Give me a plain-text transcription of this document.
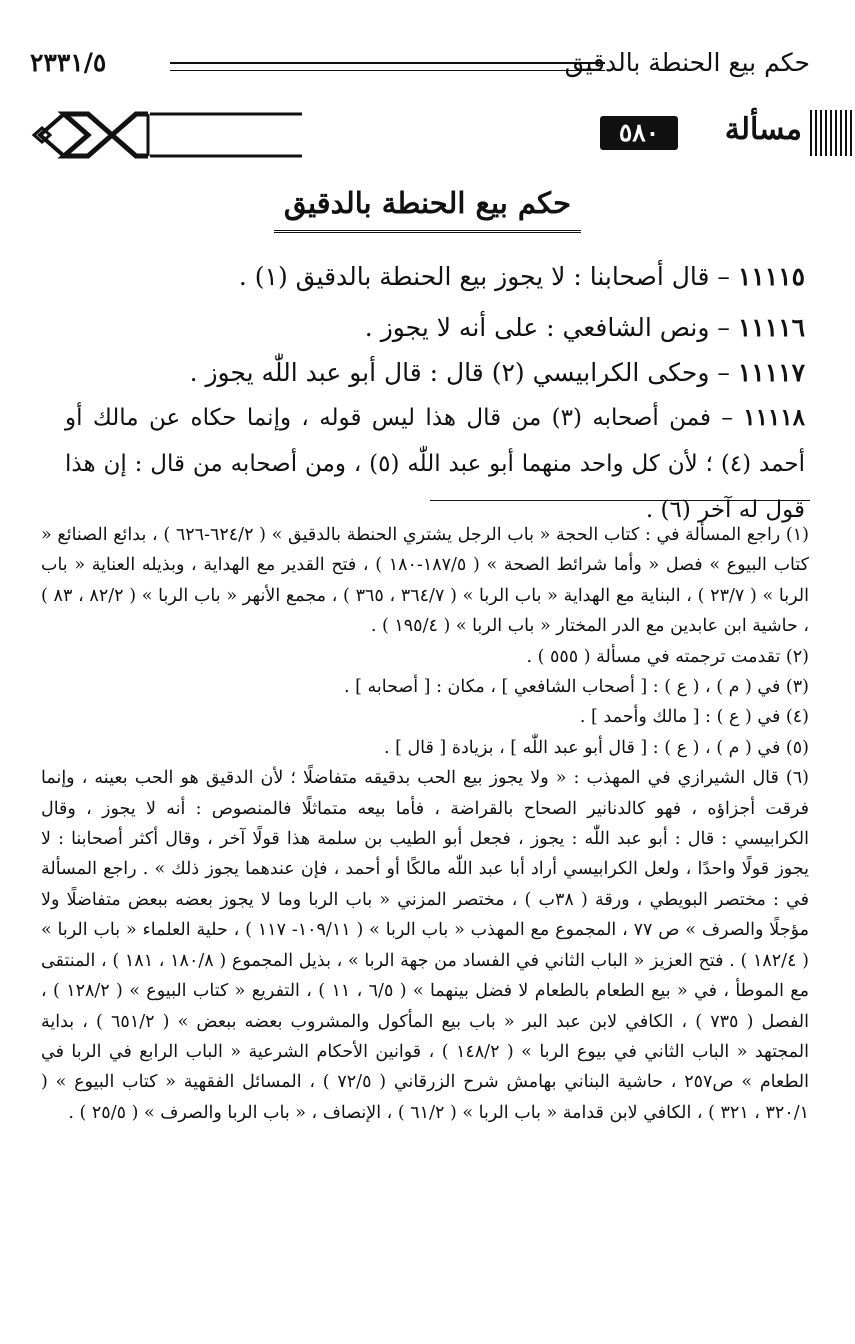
حكم بيع الحنطة بالدقيق
٢٣٣١/٥
مسألة
٥٨٠
حكم بيع الحنطة بالدقيق
١١١١٥ – قال أصحابنا : لا يجوز بيع الحنطة بالدقيق (١) .
١١١١٦ – ونص الشافعي : على أنه لا يجوز .
١١١١٧ – وحكى الكرابيسي (٢) قال : قال أبو عبد اللّٰه يجوز .
١١١١٨ – فمن أصحابه (٣) من قال هذا ليس قوله ، وإنما حكاه عن مالك أو أحمد (٤) ؛ لأن كل واحد منهما أبو عبد اللّٰه (٥) ، ومن أصحابه من قال : إن هذا قول له آخر (٦) .
(١) راجع المسألة في : كتاب الحجة « باب الرجل يشتري الحنطة بالدقيق » ( ٦٢٤/٢-٦٢٦ ) ، بدائع الصنائع « كتاب البيوع » فصل « وأما شرائط الصحة » ( ١٨٧/٥-١٨٠ ) ، فتح القدير مع الهداية ، وبذيله العناية « باب الربا » ( ٢٣/٧ ) ، البناية مع الهداية « باب الربا » ( ٣٦٤/٧ ، ٣٦٥ ) ، مجمع الأنهر « باب الربا » ( ٨٢/٢ ، ٨٣ ) ، حاشية ابن عابدين مع الدر المختار « باب الربا » ( ١٩٥/٤ ) .
(٢) تقدمت ترجمته في مسألة ( ٥٥٥ ) .
(٣) في ( م ) ، ( ع ) : [ أصحاب الشافعي ] ، مكان : [ أصحابه ] .
(٤) في ( ع ) : [ مالك وأحمد ] .
(٥) في ( م ) ، ( ع ) : [ قال أبو عبد اللّٰه ] ، بزيادة [ قال ] .
(٦) قال الشيرازي في المهذب : « ولا يجوز بيع الحب بدقيقه متفاضلًا ؛ لأن الدقيق هو الحب بعينه ، وإنما فرقت أجزاؤه ، فهو كالدنانير الصحاح بالقراضة ، فأما بيعه متماثلًا فالمنصوص : أنه لا يجوز ، وقال الكرابيسي : قال : أبو عبد اللّٰه : يجوز ، فجعل أبو الطيب بن سلمة هذا قولًا آخر ، وقال أكثر أصحابنا : لا يجوز قولًا واحدًا ، ولعل الكرابيسي أراد أبا عبد اللّٰه مالكًا أو أحمد ، فإن عندهما يجوز ذلك » . راجع المسألة في : مختصر البويطي ، ورقة ( ٣٨ب ) ، مختصر المزني « باب الربا وما لا يجوز بعضه ببعض متفاضلًا ولا مؤجلًا والصرف » ص ٧٧ ، المجموع مع المهذب « باب الربا » ( ١٠٩/١١- ١١٧ ) ، حلية العلماء « باب الربا » ( ١٨٢/٤ ) . فتح العزيز « الباب الثاني في الفساد من جهة الربا » ، بذيل المجموع ( ١٨٠/٨ ، ١٨١ ) ، المنتقى مع الموطأ ، في « بيع الطعام بالطعام لا فضل بينهما » ( ٦/٥ ، ١١ ) ، التفريع « كتاب البيوع » ( ١٢٨/٢ ) ، الفصل ( ٧٣٥ ) ، الكافي لابن عبد البر « باب بيع المأكول والمشروب بعضه ببعض » ( ٦٥١/٢ ) ، بداية المجتهد « الباب الثاني في بيوع الربا » ( ١٤٨/٢ ) ، قوانين الأحكام الشرعية « الباب الرابع في الربا في الطعام » ص٢٥٧ ، حاشية البناني بهامش شرح الزرقاني ( ٧٢/٥ ) ، المسائل الفقهية « كتاب البيوع » ( ٣٢٠/١ ، ٣٢١ ) ، الكافي لابن قدامة « باب الربا » ( ٦١/٢ ) ، الإنصاف ، « باب الربا والصرف » ( ٢٥/٥ ) .
